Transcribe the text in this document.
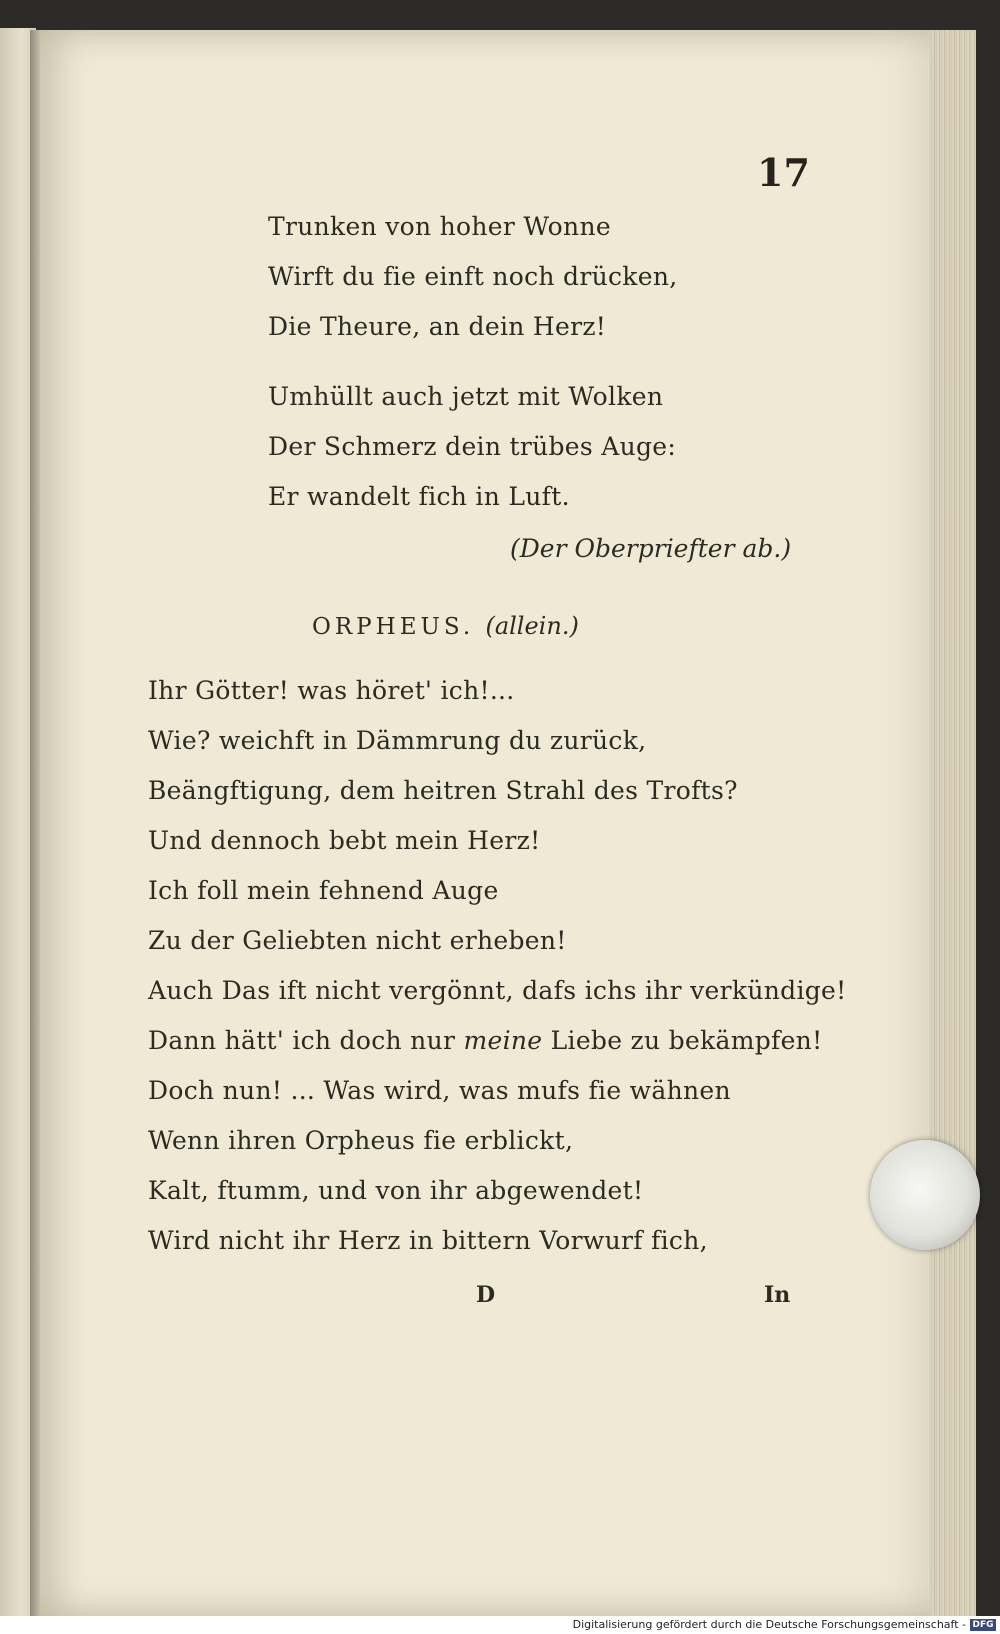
17
Trunken von hoher Wonne
Wirft du fie einft noch drücken,
Die Theure, an dein Herz!
Umhüllt auch jetzt mit Wolken
Der Schmerz dein trübes Auge:
Er wandelt fich in Luft.
(Der Oberpriefter ab.)
ORPHEUS. (allein.)
Ihr Götter! was höret' ich!...
Wie? weichft in Dämmrung du zurück,
Beängftigung, dem heitren Strahl des Trofts?
Und dennoch bebt mein Herz!
Ich foll mein fehnend Auge
Zu der Geliebten nicht erheben!
Auch Das ift nicht vergönnt, dafs ichs ihr verkündige!
Dann hätt' ich doch nur meine Liebe zu bekämpfen!
Doch nun! ... Was wird, was mufs fie wähnen
Wenn ihren Orpheus fie erblickt,
Kalt, ftumm, und von ihr abgewendet!
Wird nicht ihr Herz in bittern Vorwurf fich,
D	In
Digitalisierung gefördert durch die Deutsche Forschungsgemeinschaft - DFG
